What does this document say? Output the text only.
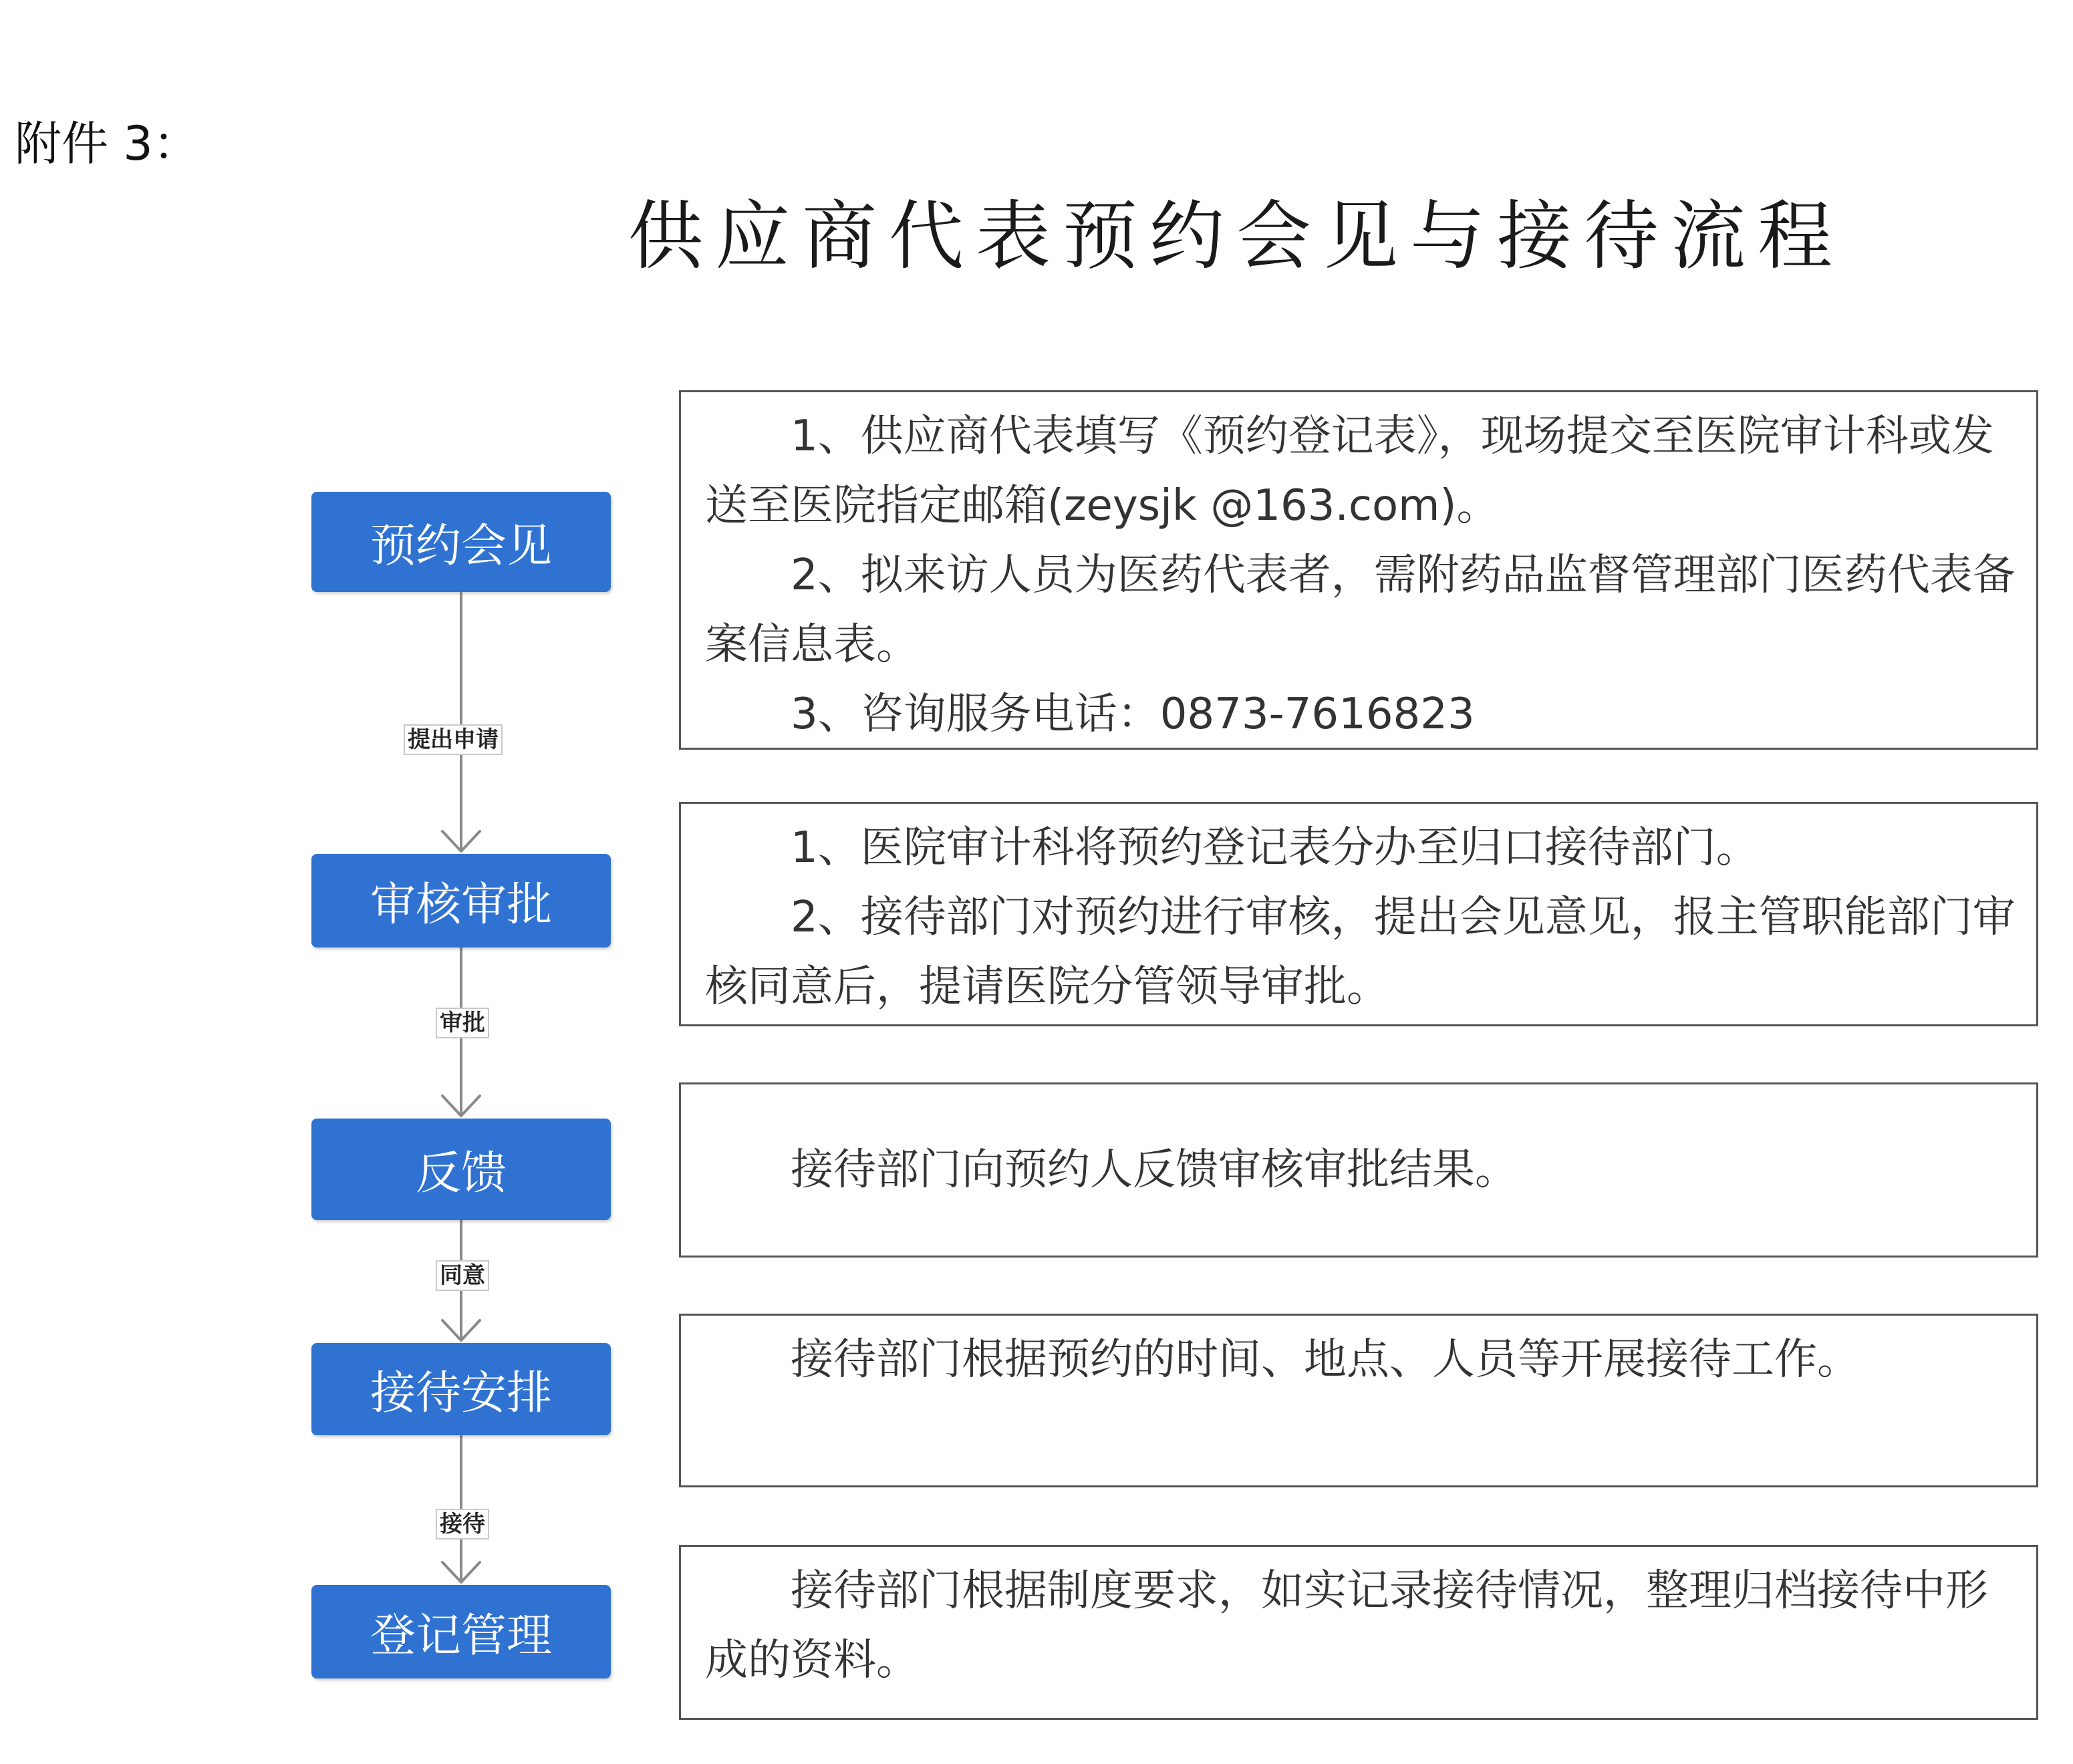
附件 3：
供应商代表预约会见与接待流程
提出申请
审批
同意
接待
预约会见
审核审批
反馈
接待安排
登记管理

1、供应商代表填写《预约登记表》，现场提交至医院审计科或发送至医院指定邮箱(zeysjk @163.com)。

2、拟来访人员为医药代表者，需附药品监督管理部门医药代表备案信息表。

3、咨询服务电话：0873-7616823

1、医院审计科将预约登记表分办至归口接待部门。

2、接待部门对预约进行审核，提出会见意见，报主管职能部门审核同意后，提请医院分管领导审批。

接待部门向预约人反馈审核审批结果。

接待部门根据预约的时间、地点、人员等开展接待工作。

接待部门根据制度要求，如实记录接待情况，整理归档接待中形成的资料。
